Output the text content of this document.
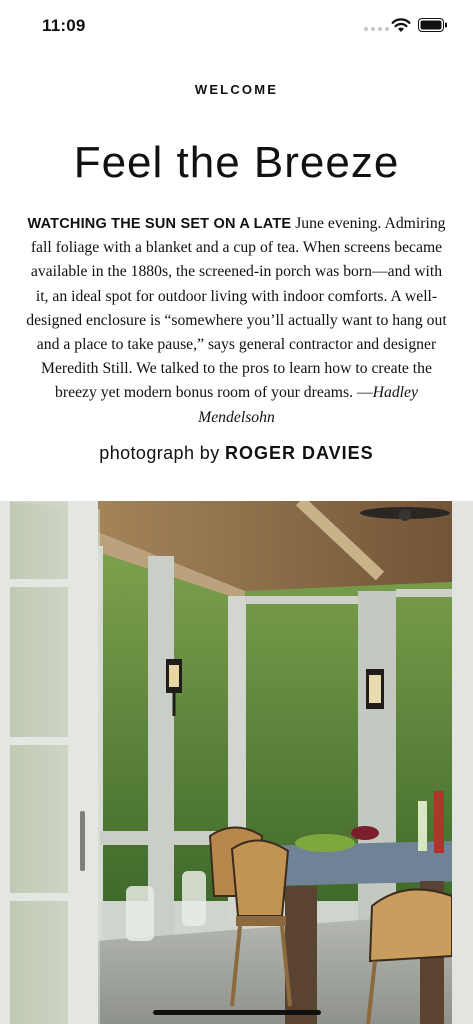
11:09
WELCOME
Feel the Breeze

WATCHING THE SUN SET ON A LATE June evening. Admiring fall foliage with a blanket and a cup of tea. When screens became available in the 1880s, the screened-in porch was born—and with it, an ideal spot for outdoor living with indoor comforts. A well-designed enclosure is “somewhere you’ll actually want to hang out and a place to take pause,” says general contractor and designer Meredith Still. We talked to the pros to learn how to create the breezy yet modern bonus room of your dreams. —Hadley Mendelsohn

photograph by ROGER DAVIES
